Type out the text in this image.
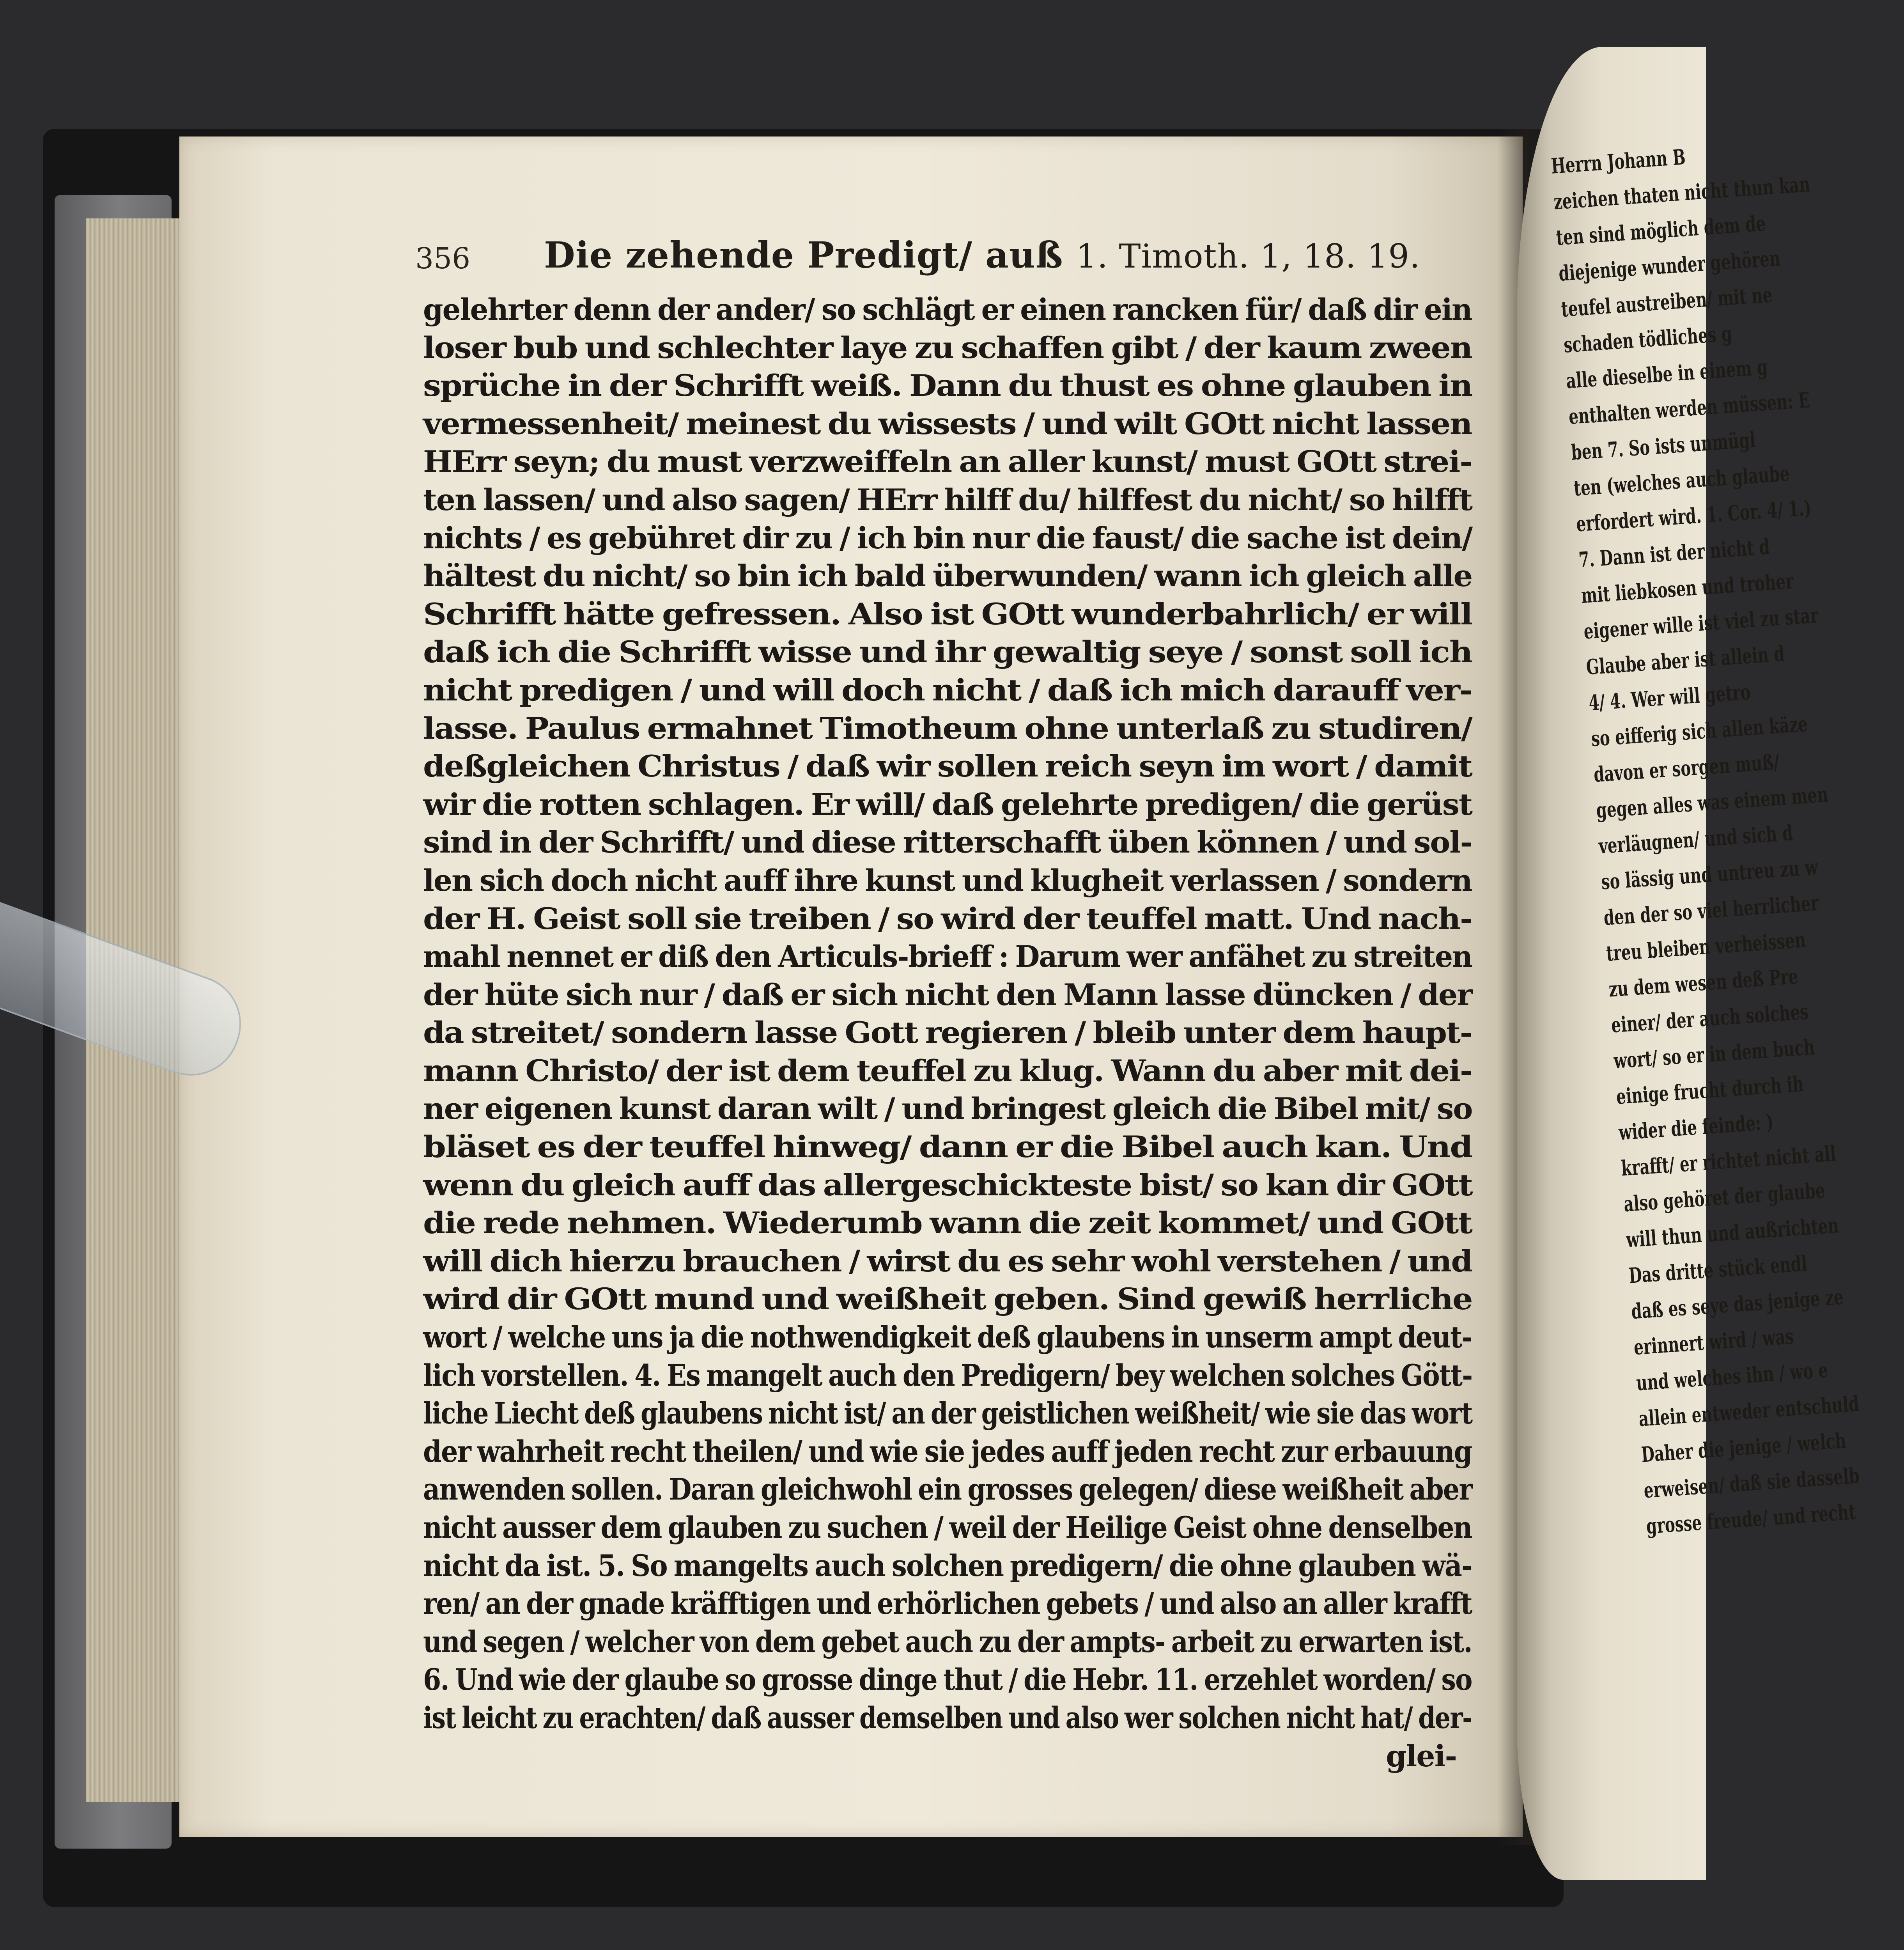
356 Die zehende Predigt/ auß 1. Timoth. 1, 18. 19.
gelehrter denn der ander/ so schlägt er einen rancken für/ daß dir ein
loser bub und schlechter laye zu schaffen gibt / der kaum zween
sprüche in der Schrifft weiß. Dann du thust es ohne glauben in
vermessenheit/ meinest du wissests / und wilt GOtt nicht lassen
HErr seyn; du must verzweiffeln an aller kunst/ must GOtt strei-
ten lassen/ und also sagen/ HErr hilff du/ hilffest du nicht/ so hilfft
nichts / es gebühret dir zu / ich bin nur die faust/ die sache ist dein/
hältest du nicht/ so bin ich bald überwunden/ wann ich gleich alle
Schrifft hätte gefressen. Also ist GOtt wunderbahrlich/ er will
daß ich die Schrifft wisse und ihr gewaltig seye / sonst soll ich
nicht predigen / und will doch nicht / daß ich mich darauff ver-
lasse. Paulus ermahnet Timotheum ohne unterlaß zu studiren/
deßgleichen Christus / daß wir sollen reich seyn im wort / damit
wir die rotten schlagen. Er will/ daß gelehrte predigen/ die gerüst
sind in der Schrifft/ und diese ritterschafft üben können / und sol-
len sich doch nicht auff ihre kunst und klugheit verlassen / sondern
der H. Geist soll sie treiben / so wird der teuffel matt. Und nach-
mahl nennet er diß den Articuls-brieff : Darum wer anfähet zu streiten
der hüte sich nur / daß er sich nicht den Mann lasse düncken / der
da streitet/ sondern lasse Gott regieren / bleib unter dem haupt-
mann Christo/ der ist dem teuffel zu klug. Wann du aber mit dei-
ner eigenen kunst daran wilt / und bringest gleich die Bibel mit/ so
bläset es der teuffel hinweg/ dann er die Bibel auch kan. Und
wenn du gleich auff das allergeschickteste bist/ so kan dir GOtt
die rede nehmen. Wiederumb wann die zeit kommet/ und GOtt
will dich hierzu brauchen / wirst du es sehr wohl verstehen / und
wird dir GOtt mund und weißheit geben. Sind gewiß herrliche
wort / welche uns ja die nothwendigkeit deß glaubens in unserm ampt deut-
lich vorstellen. 4. Es mangelt auch den Predigern/ bey welchen solches Gött-
liche Liecht deß glaubens nicht ist/ an der geistlichen weißheit/ wie sie das wort
der wahrheit recht theilen/ und wie sie jedes auff jeden recht zur erbauung
anwenden sollen. Daran gleichwohl ein grosses gelegen/ diese weißheit aber
nicht ausser dem glauben zu suchen / weil der Heilige Geist ohne denselben
nicht da ist. 5. So mangelts auch solchen predigern/ die ohne glauben wä-
ren/ an der gnade kräfftigen und erhörlichen gebets / und also an aller krafft
und segen / welcher von dem gebet auch zu der ampts- arbeit zu erwarten ist.
6. Und wie der glaube so grosse dinge thut / die Hebr. 11. erzehlet worden/ so
ist leicht zu erachten/ daß ausser demselben und also wer solchen nicht hat/ der-
glei-
Herrn Johann B
zeichen thaten nicht thun kan
ten sind möglich dem de
diejenige wunder gehören
teufel austreiben/ mit ne
schaden tödliches g
alle dieselbe in einem g
enthalten werden müssen: E
ben 7. So ists unmügl
ten (welches auch glaube
erfordert wird. 1. Cor. 4/ 1.)
7. Dann ist der nicht d
mit liebkosen und troher
eigener wille ist viel zu star
Glaube aber ist allein d
4/ 4. Wer will getro
so eifferig sich allen käze
davon er sorgen muß/
gegen alles was einem men
verläugnen/ und sich d
so lässig und untreu zu w
den der so viel herrlicher
treu bleiben verheissen
zu dem wesen deß Pre
einer/ der auch solches
wort/ so er in dem buch
einige frucht durch ih
wider die feinde: )
krafft/ er richtet nicht all
also gehöret der glaube
will thun und außrichten
Das dritte stück endl
daß es seye das jenige ze
erinnert wird / was
und welches ihn / wo e
allein entweder entschuld
Daher die jenige / welch
erweisen/ daß sie dasselb
grosse freude/ und recht
